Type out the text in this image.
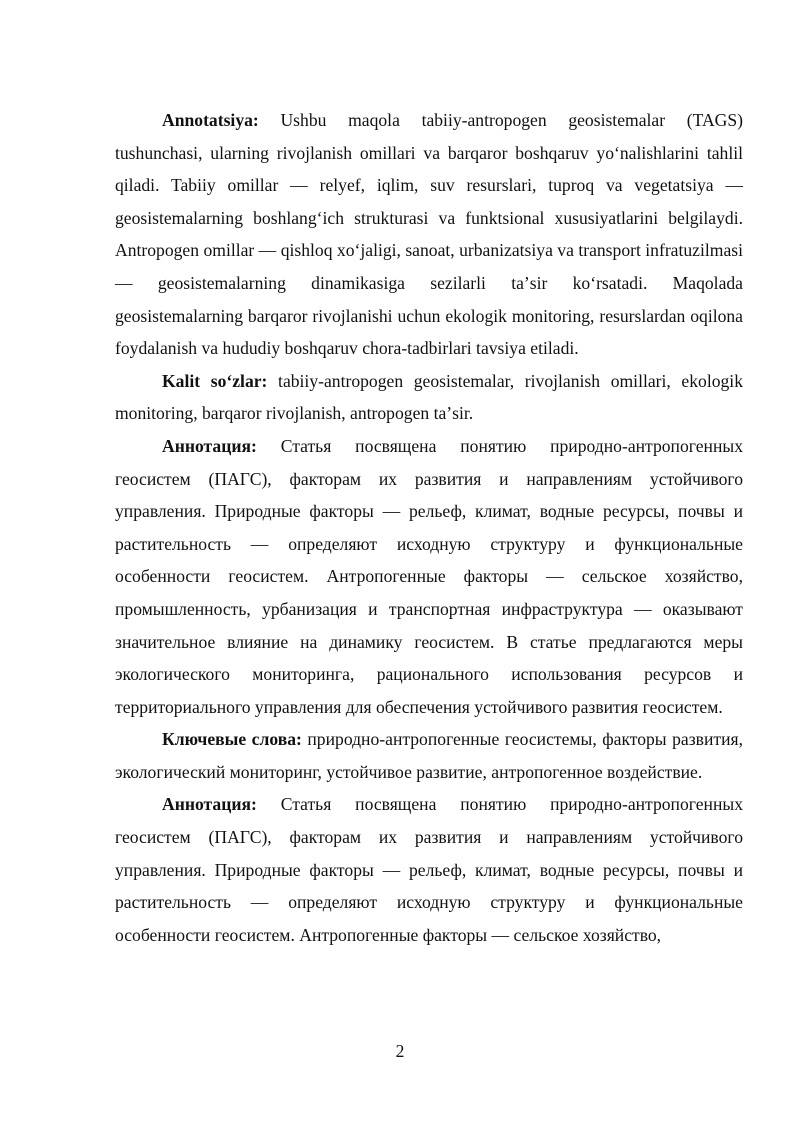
Annotatsiya: Ushbu maqola tabiiy-antropogen geosistemalar (TAGS) tushunchasi, ularning rivojlanish omillari va barqaror boshqaruv yoʻnalishlarini tahlil qiladi. Tabiiy omillar — relyef, iqlim, suv resurslari, tuproq va vegetatsiya — geosistemalarning boshlangʻich strukturasi va funktsional xususiyatlarini belgilaydi. Antropogen omillar — qishloq xoʻjaligi, sanoat, urbanizatsiya va transport infratuzilmasi — geosistemalarning dinamikasiga sezilarli taʼsir koʻrsatadi. Maqolada geosistemalarning barqaror rivojlanishi uchun ekologik monitoring, resurslardan oqilona foydalanish va hududiy boshqaruv chora-tadbirlari tavsiya etiladi.

Kalit soʻzlar: tabiiy-antropogen geosistemalar, rivojlanish omillari, ekologik monitoring, barqaror rivojlanish, antropogen taʼsir.

Аннотация: Статья посвящена понятию природно-антропогенных геосистем (ПАГС), факторам их развития и направлениям устойчивого управления. Природные факторы — рельеф, климат, водные ресурсы, почвы и растительность — определяют исходную структуру и функциональные особенности геосистем. Антропогенные факторы — сельское хозяйство, промышленность, урбанизация и транспортная инфраструктура — оказывают значительное влияние на динамику геосистем. В статье предлагаются меры экологического мониторинга, рационального использования ресурсов и территориального управления для обеспечения устойчивого развития геосистем.

Ключевые слова: природно-антропогенные геосистемы, факторы развития, экологический мониторинг, устойчивое развитие, антропогенное воздействие.

Аннотация: Статья посвящена понятию природно-антропогенных геосистем (ПАГС), факторам их развития и направлениям устойчивого управления. Природные факторы — рельеф, климат, водные ресурсы, почвы и растительность — определяют исходную структуру и функциональные особенности геосистем. Антропогенные факторы — сельское хозяйство,

2
